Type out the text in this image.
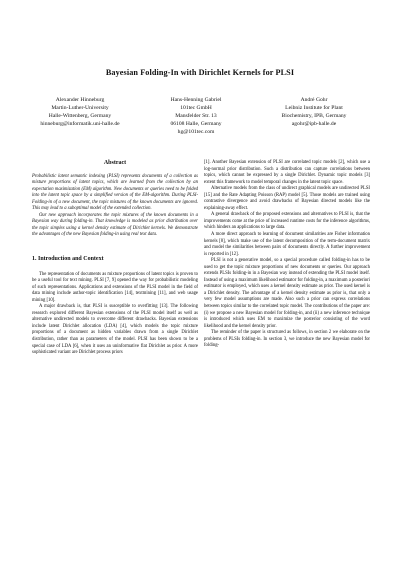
Bayesian Folding-In with Dirichlet Kernels for PLSI
Alexander Hinneburg
Martin-Luther-University
Halle-Wittenberg, Germany
hinneburg@informatik.uni-halle.de
Hans-Henning Gabriel
101tec GmbH
Mansfelder Str. 13
06108 Halle, Germany
hg@101tec.com
André Gohr
Leibniz Institute for Plant
Biochemistry, IPB, Germany
agohr@ipb-halle.de
Abstract

Probabilistic latent semantic indexing (PLSI) represents documents of a collection as mixture proportions of latent topics, which are learned from the collection by an expectation maximization (EM) algorithm. New documents or queries need to be folded into the latent topic space by a simplified version of the EM-algorithm. During PLSI-Folding-in of a new document, the topic mixtures of the known documents are ignored. This may lead to a suboptimal model of the extended collection.

Our new approach incorporates the topic mixtures of the known documents in a Bayesian way during folding-in. That knowledge is modeled as prior distribution over the topic simplex using a kernel density estimate of Dirichlet kernels. We demonstrate the advantages of the new Bayesian folding-in using real text data.

1. Introduction and Context

The representation of documents as mixture proportions of latent topics is proven to be a useful tool for text mining. PLSI [7, 9] opened the way for probabilistic modeling of such representations. Applications and extensions of the PLSI model in the field of data mining include author-topic identification [14], textmining [11], and web usage mining [10].

A major drawback is, that PLSI is susceptible to overfitting [13]. The following research explored different Bayesian extensions of the PLSI model itself as well as alternative undirected models to overcome different drawbacks. Bayesian extensions include latent Dirichlet allocation (LDA) [4], which models the topic mixture proportions of a document as hidden variables drawn from a single Dirichlet distribution, rather than as parameters of the model. PLSI has been shown to be a special case of LDA [6], when it uses an uninformative flat Dirichlet as prior. A more sophisticated variant are Dirichlet process priors

[1]. Another Bayesian extension of PLSI are correlated topic models [2], which use a log-normal prior distribution. Such a distribution can capture correlations between topics, which cannot be expressed by a single Dirichlet. Dynamic topic models [3] extent this framework to model temporal changes in the latent topic space.

Alternative models from the class of undirect graphical models are undirected PLSI [15] and the Rate Adapting Poisson (RAP) model [5]. Those models are trained using contrastive divergence and avoid drawbacks of Bayesian directed models like the explaining-away effect.

A general drawback of the proposed extensions and alternatives to PLSI is, that the improvements come at the price of increased runtime costs for the inference algorithms, which hinders an applications to large data.

A more direct approach to learning of document similarities are Fisher information kernels [8], which make use of the latent decomposition of the term-document matrix and model the similarities between pairs of documents directly. A further improvement is reported in [12].

PLSI is not a generative model, so a special procedure called folding-in has to be used to get the topic mixture proportions of new documents or queries. Our approach extends PLSIs folding-in in a Bayesian way instead of extending the PLSI model itself. Instead of using a maximum likelihood estimator for folding-in, a maximum a posteriori estimator is employed, which uses a kernel density estimate as prior. The used kernel is a Dirichlet density. The advantage of a kernel density estimate as prior is, that only a very few model assumptions are made. Also such a prior can express correlations between topics similar to the correlated topic model. The contributions of the paper are: (i) we propose a new Bayesian model for folding-in, and (ii) a new inference technique is introduced which uses EM to maximize the posterior consisting of the word likelihood and the kernel density prior.

The reminder of the paper is structured as follows, in section 2 we elaborate on the problems of PLSIs folding-in. In section 3, we introduce the new Bayesian model for folding-
